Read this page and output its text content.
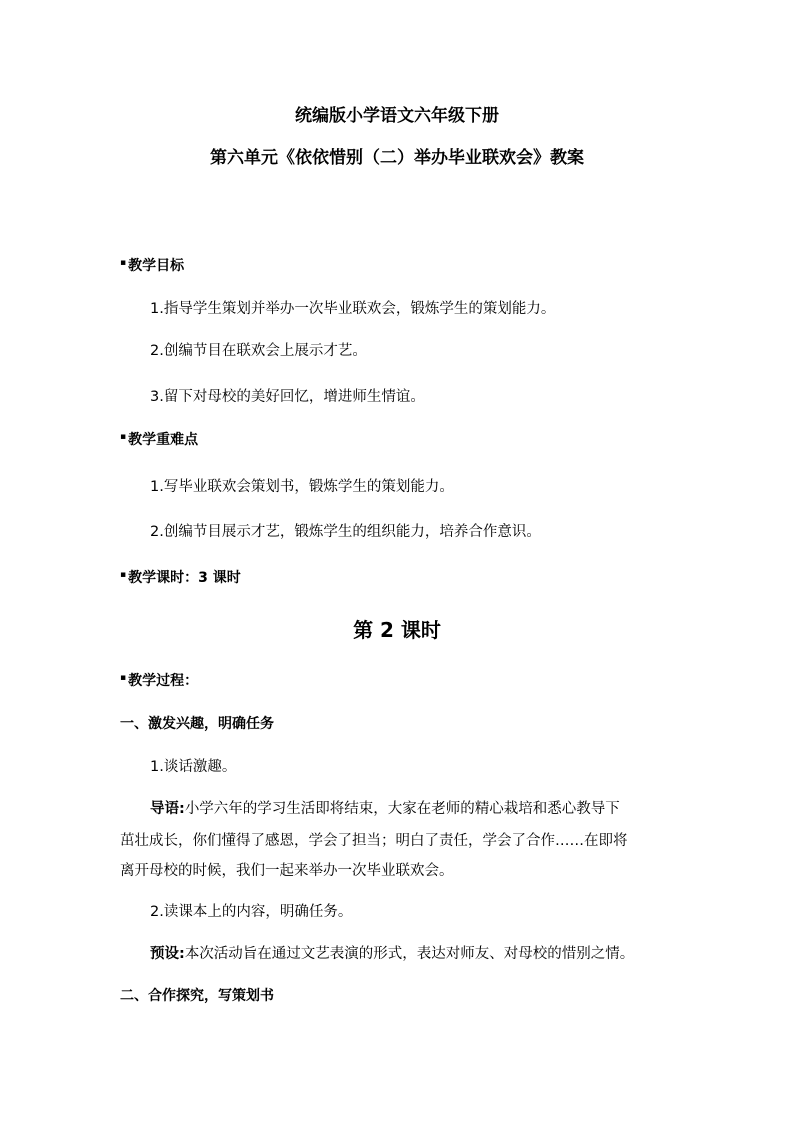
统编版小学语文六年级下册
第六单元《依依惜别（二）举办毕业联欢会》教案
▪ 教学目标
1.指导学生策划并举办一次毕业联欢会，锻炼学生的策划能力。
2.创编节目在联欢会上展示才艺。
3.留下对母校的美好回忆，增进师生情谊。
▪ 教学重难点
1.写毕业联欢会策划书，锻炼学生的策划能力。
2.创编节目展示才艺，锻炼学生的组织能力，培养合作意识。
▪ 教学课时：3 课时
第 2 课时
▪ 教学过程：
一、激发兴趣，明确任务
1.谈话激趣。
导语:小学六年的学习生活即将结束，大家在老师的精心栽培和悉心教导下
茁壮成长，你们懂得了感恩，学会了担当；明白了责任，学会了合作……在即将
离开母校的时候，我们一起来举办一次毕业联欢会。
2.读课本上的内容，明确任务。
预设:本次活动旨在通过文艺表演的形式，表达对师友、对母校的惜别之情。
二、合作探究，写策划书
